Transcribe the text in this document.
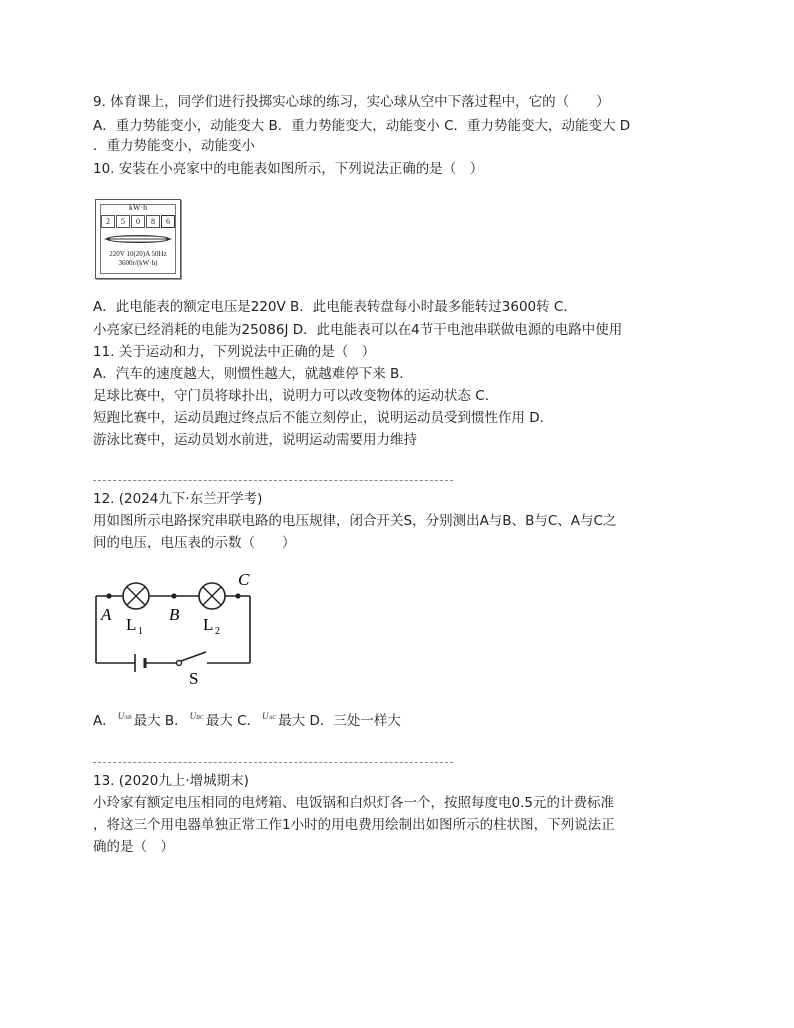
9. 体育课上，同学们进行投掷实心球的练习，实心球从空中下落过程中，它的（　　）
A．重力势能变小，动能变大 B．重力势能变大，动能变小 C．重力势能变大，动能变大 D
．重力势能变小，动能变小
10. 安装在小亮家中的电能表如图所示，下列说法正确的是（　）
kW·h
2	5	0	8	6
220V 10(20)A 50Hz
3600r/(kW·h)
A．此电能表的额定电压是220V B．此电能表转盘每小时最多能转过3600转 C．
小亮家已经消耗的电能为25086J D．此电能表可以在4节干电池串联做电源的电路中使用
11. 关于运动和力，下列说法中正确的是（　）
A．汽车的速度越大，则惯性越大，就越难停下来 B．
足球比赛中，守门员将球扑出，说明力可以改变物体的运动状态 C．
短跑比赛中，运动员跑过终点后不能立刻停止，说明运动员受到惯性作用 D．
游泳比赛中，运动员划水前进，说明运动需要用力维持
12. (2024九下·东兰开学考)
用如图所示电路探究串联电路的电压规律，闭合开关S，分别测出A与B、B与C、A与C之
间的电压，电压表的示数（　　）
A	B
C
L 1	L 2
S
A． $^{UAB}$ 最大 B． $^{UBC}$ 最大 C． $^{UAC}$ 最大 D．三处一样大
13. (2020九上·增城期末)
小玲家有额定电压相同的电烤箱、电饭锅和白炽灯各一个，按照每度电0.5元的计费标准
，将这三个用电器单独正常工作1小时的用电费用绘制出如图所示的柱状图，下列说法正
确的是（　）
